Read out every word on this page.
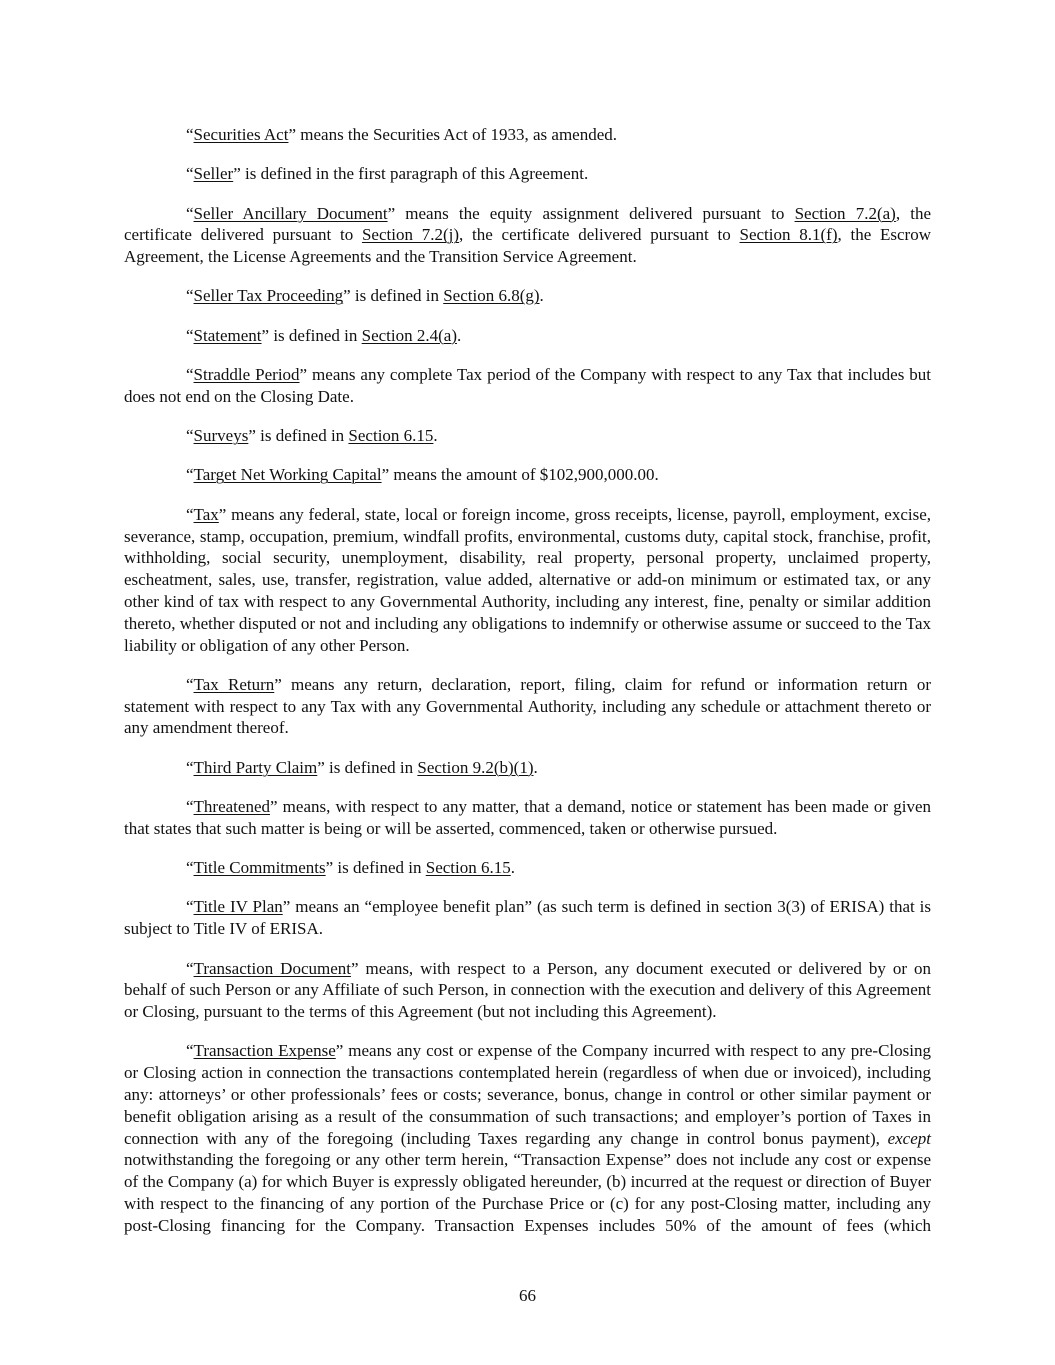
“Securities Act” means the Securities Act of 1933, as amended.

“Seller” is defined in the first paragraph of this Agreement.

“Seller Ancillary Document” means the equity assignment delivered pursuant to Section 7.2(a), the certificate delivered pursuant to Section 7.2(j), the certificate delivered pursuant to Section 8.1(f), the Escrow Agreement, the License Agreements and the Transition Service Agreement.

“Seller Tax Proceeding” is defined in Section 6.8(g).

“Statement” is defined in Section 2.4(a).

“Straddle Period” means any complete Tax period of the Company with respect to any Tax that includes but does not end on the Closing Date.

“Surveys” is defined in Section 6.15.

“Target Net Working Capital” means the amount of $102,900,000.00.

“Tax” means any federal, state, local or foreign income, gross receipts, license, payroll, employment, excise, severance, stamp, occupation, premium, windfall profits, environmental, customs duty, capital stock, franchise, profit, withholding, social security, unemployment, disability, real property, personal property, unclaimed property, escheatment, sales, use, transfer, registration, value added, alternative or add-on minimum or estimated tax, or any other kind of tax with respect to any Governmental Authority, including any interest, fine, penalty or similar addition thereto, whether disputed or not and including any obligations to indemnify or otherwise assume or succeed to the Tax liability or obligation of any other Person.

“Tax Return” means any return, declaration, report, filing, claim for refund or information return or statement with respect to any Tax with any Governmental Authority, including any schedule or attachment thereto or any amendment thereof.

“Third Party Claim” is defined in Section 9.2(b)(1).

“Threatened” means, with respect to any matter, that a demand, notice or statement has been made or given that states that such matter is being or will be asserted, commenced, taken or otherwise pursued.

“Title Commitments” is defined in Section 6.15.

“Title IV Plan” means an “employee benefit plan” (as such term is defined in section 3(3) of ERISA) that is subject to Title IV of ERISA.

“Transaction Document” means, with respect to a Person, any document executed or delivered by or on behalf of such Person or any Affiliate of such Person, in connection with the execution and delivery of this Agreement or Closing, pursuant to the terms of this Agreement (but not including this Agreement).

“Transaction Expense” means any cost or expense of the Company incurred with respect to any pre-Closing or Closing action in connection the transactions contemplated herein (regardless of when due or invoiced), including any: attorneys’ or other professionals’ fees or costs; severance, bonus, change in control or other similar payment or benefit obligation arising as a result of the consummation of such transactions; and employer’s portion of Taxes in connection with any of the foregoing (including Taxes regarding any change in control bonus payment), except notwithstanding the foregoing or any other term herein, “Transaction Expense” does not include any cost or expense of the Company (a) for which Buyer is expressly obligated hereunder, (b) incurred at the request or direction of Buyer with respect to the financing of any portion of the Purchase Price or (c) for any post-Closing matter, including any post-Closing financing for the Company. Transaction Expenses includes 50% of the amount of fees (which

66
